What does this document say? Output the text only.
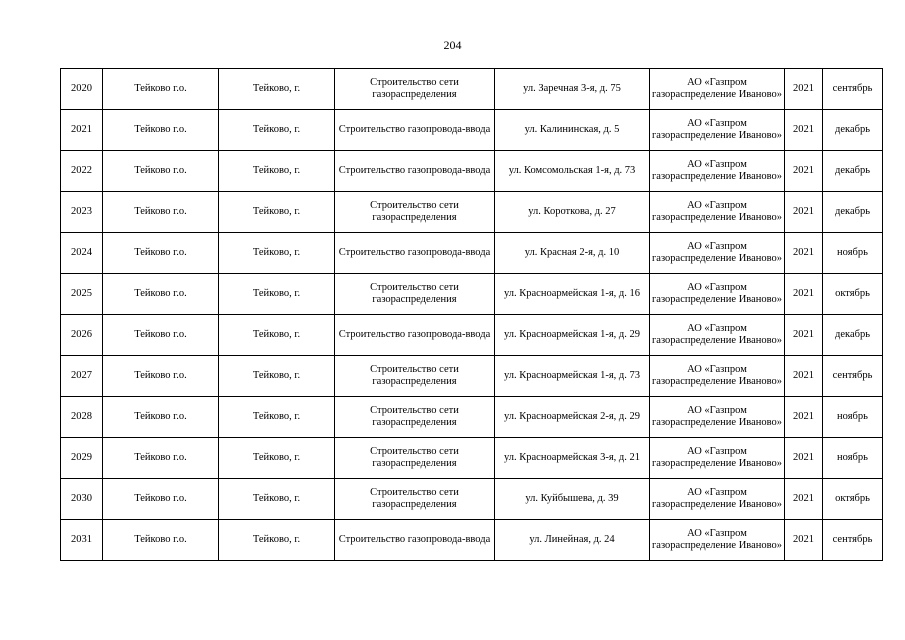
204
2020	Тейково г.о.	Тейково, г.	Строительство сети газораспределения	ул. Заречная 3-я, д. 75	АО «Газпром газораспределение Иваново»	2021	сентябрь
2021	Тейково г.о.	Тейково, г.	Строительство газопровода-ввода	ул. Калининская, д. 5	АО «Газпром газораспределение Иваново»	2021	декабрь
2022	Тейково г.о.	Тейково, г.	Строительство газопровода-ввода	ул. Комсомольская 1-я, д. 73	АО «Газпром газораспределение Иваново»	2021	декабрь
2023	Тейково г.о.	Тейково, г.	Строительство сети газораспределения	ул. Короткова, д. 27	АО «Газпром газораспределение Иваново»	2021	декабрь
2024	Тейково г.о.	Тейково, г.	Строительство газопровода-ввода	ул. Красная 2-я, д. 10	АО «Газпром газораспределение Иваново»	2021	ноябрь
2025	Тейково г.о.	Тейково, г.	Строительство сети газораспределения	ул. Красноармейская 1-я, д. 16	АО «Газпром газораспределение Иваново»	2021	октябрь
2026	Тейково г.о.	Тейково, г.	Строительство газопровода-ввода	ул. Красноармейская 1-я, д. 29	АО «Газпром газораспределение Иваново»	2021	декабрь
2027	Тейково г.о.	Тейково, г.	Строительство сети газораспределения	ул. Красноармейская 1-я, д. 73	АО «Газпром газораспределение Иваново»	2021	сентябрь
2028	Тейково г.о.	Тейково, г.	Строительство сети газораспределения	ул. Красноармейская 2-я, д. 29	АО «Газпром газораспределение Иваново»	2021	ноябрь
2029	Тейково г.о.	Тейково, г.	Строительство сети газораспределения	ул. Красноармейская 3-я, д. 21	АО «Газпром газораспределение Иваново»	2021	ноябрь
2030	Тейково г.о.	Тейково, г.	Строительство сети газораспределения	ул. Куйбышева, д. 39	АО «Газпром газораспределение Иваново»	2021	октябрь
2031	Тейково г.о.	Тейково, г.	Строительство газопровода-ввода	ул. Линейная, д. 24	АО «Газпром газораспределение Иваново»	2021	сентябрь
